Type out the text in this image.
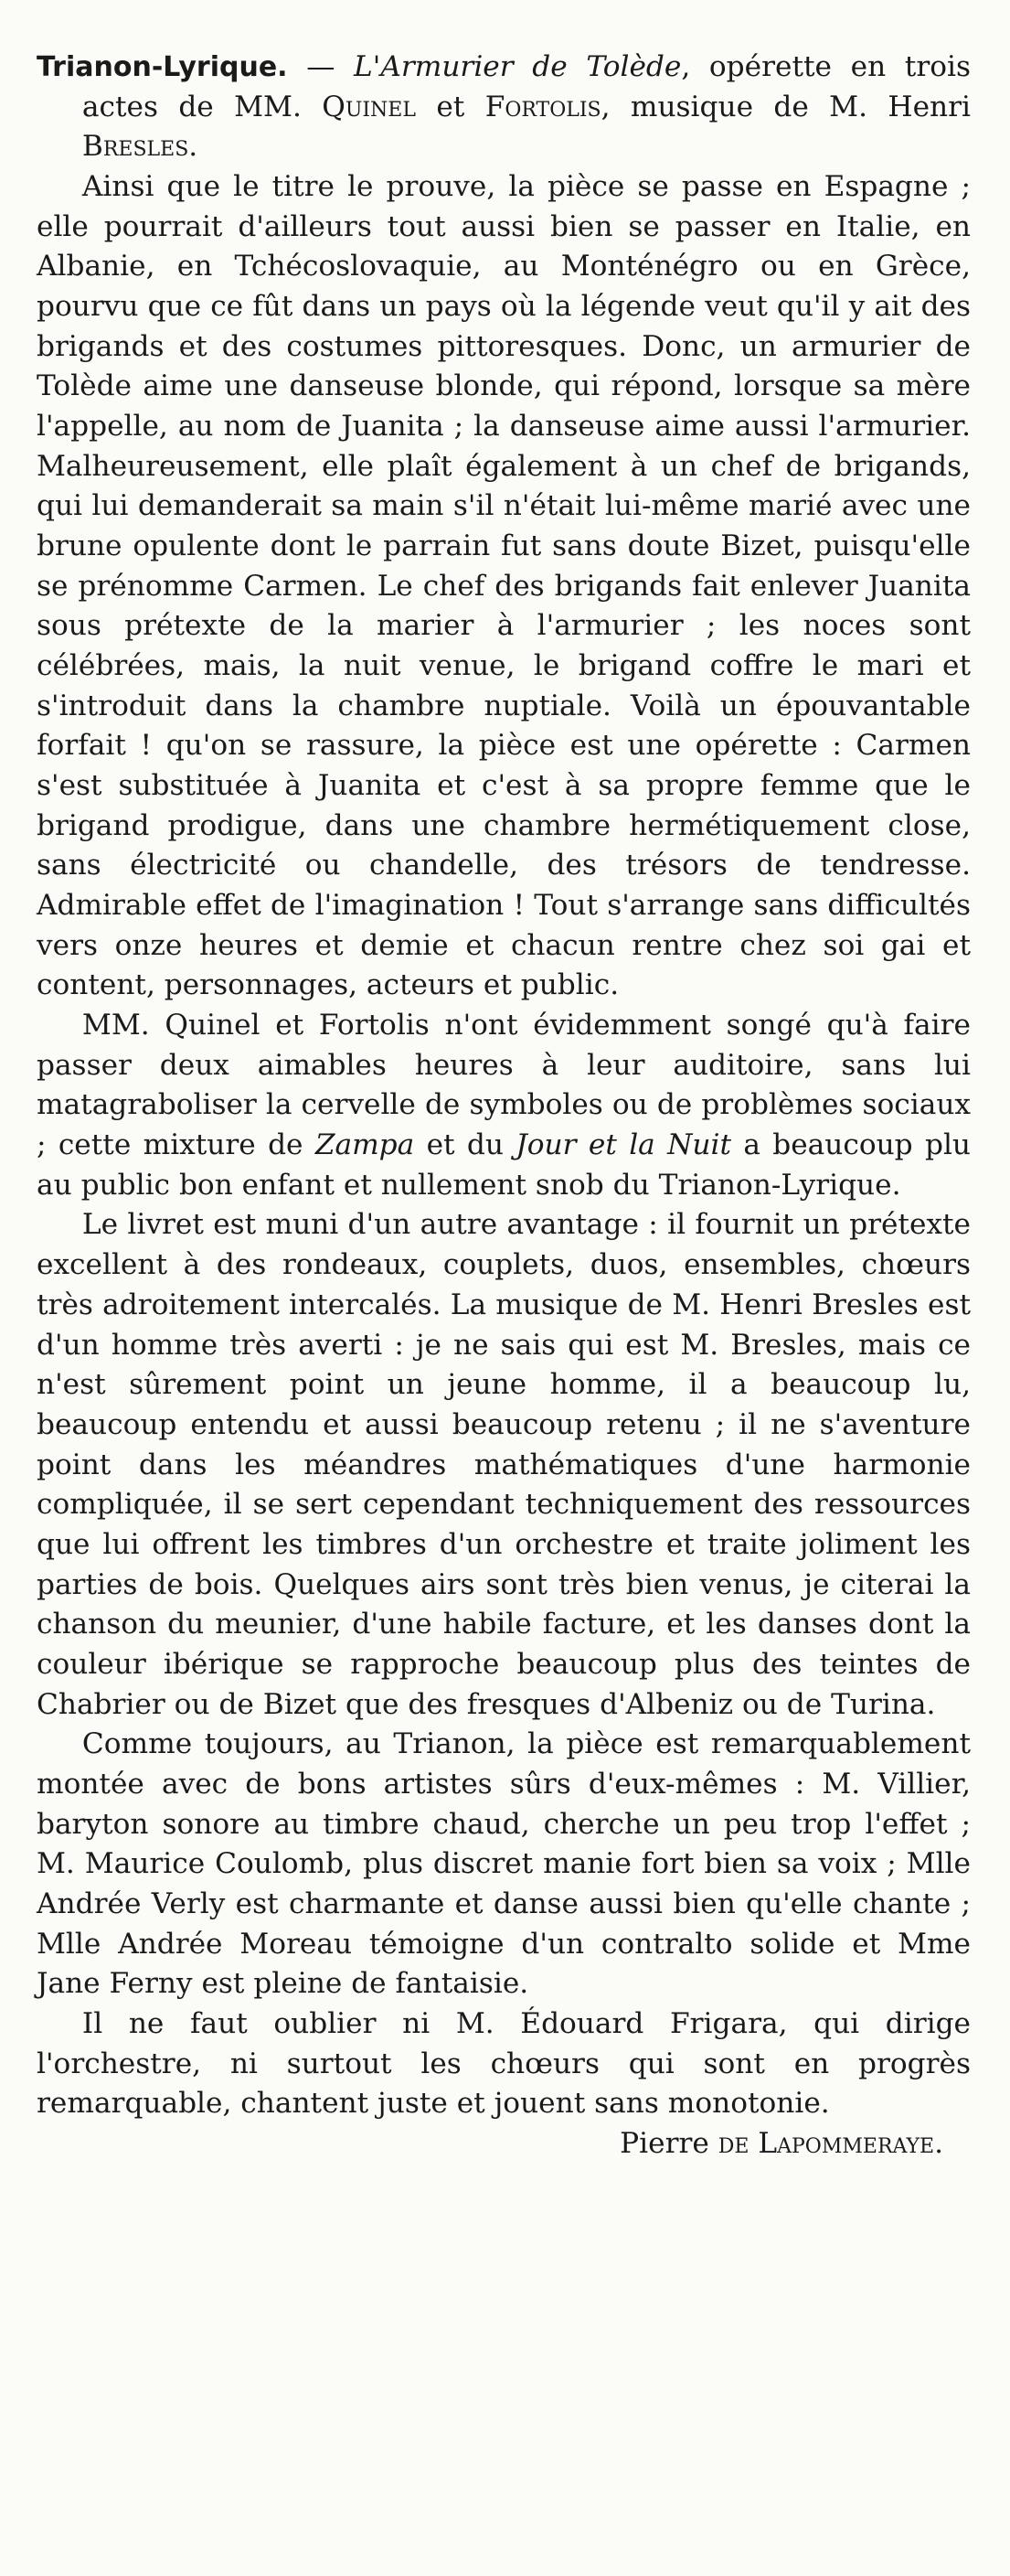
Trianon-Lyrique. — L'Armurier de Tolède, opérette en trois actes de MM. Quinel et Fortolis, musique de M. Henri Bresles.

Ainsi que le titre le prouve, la pièce se passe en Espagne ; elle pourrait d'ailleurs tout aussi bien se passer en Italie, en Albanie, en Tchécoslovaquie, au Monténégro ou en Grèce, pourvu que ce fût dans un pays où la légende veut qu'il y ait des brigands et des costumes pittoresques. Donc, un armurier de Tolède aime une danseuse blonde, qui répond, lorsque sa mère l'appelle, au nom de Juanita ; la danseuse aime aussi l'armurier. Malheureusement, elle plaît également à un chef de brigands, qui lui demanderait sa main s'il n'était lui-même marié avec une brune opulente dont le parrain fut sans doute Bizet, puisqu'elle se prénomme Carmen. Le chef des brigands fait enlever Juanita sous prétexte de la marier à l'armurier ; les noces sont célébrées, mais, la nuit venue, le brigand coffre le mari et s'introduit dans la chambre nuptiale. Voilà un épouvantable forfait ! qu'on se rassure, la pièce est une opérette : Carmen s'est substituée à Juanita et c'est à sa propre femme que le brigand prodigue, dans une chambre hermétiquement close, sans électricité ou chandelle, des trésors de tendresse. Admirable effet de l'imagination ! Tout s'arrange sans difficultés vers onze heures et demie et chacun rentre chez soi gai et content, personnages, acteurs et public.

MM. Quinel et Fortolis n'ont évidemment songé qu'à faire passer deux aimables heures à leur auditoire, sans lui matagraboliser la cervelle de symboles ou de problèmes sociaux ; cette mixture de Zampa et du Jour et la Nuit a beaucoup plu au public bon enfant et nullement snob du Trianon-Lyrique.

Le livret est muni d'un autre avantage : il fournit un prétexte excellent à des rondeaux, couplets, duos, ensembles, chœurs très adroitement intercalés. La musique de M. Henri Bresles est d'un homme très averti : je ne sais qui est M. Bresles, mais ce n'est sûrement point un jeune homme, il a beaucoup lu, beaucoup entendu et aussi beaucoup retenu ; il ne s'aventure point dans les méandres mathématiques d'une harmonie compliquée, il se sert cependant techniquement des ressources que lui offrent les timbres d'un orchestre et traite joliment les parties de bois. Quelques airs sont très bien venus, je citerai la chanson du meunier, d'une habile facture, et les danses dont la couleur ibérique se rapproche beaucoup plus des teintes de Chabrier ou de Bizet que des fresques d'Albeniz ou de Turina.

Comme toujours, au Trianon, la pièce est remarquablement montée avec de bons artistes sûrs d'eux-mêmes : M. Villier, baryton sonore au timbre chaud, cherche un peu trop l'effet ; M. Maurice Coulomb, plus discret manie fort bien sa voix ; Mlle Andrée Verly est charmante et danse aussi bien qu'elle chante ; Mlle Andrée Moreau témoigne d'un contralto solide et Mme Jane Ferny est pleine de fantaisie.

Il ne faut oublier ni M. Édouard Frigara, qui dirige l'orchestre, ni surtout les chœurs qui sont en progrès remarquable, chantent juste et jouent sans monotonie.

Pierre de Lapommeraye.
